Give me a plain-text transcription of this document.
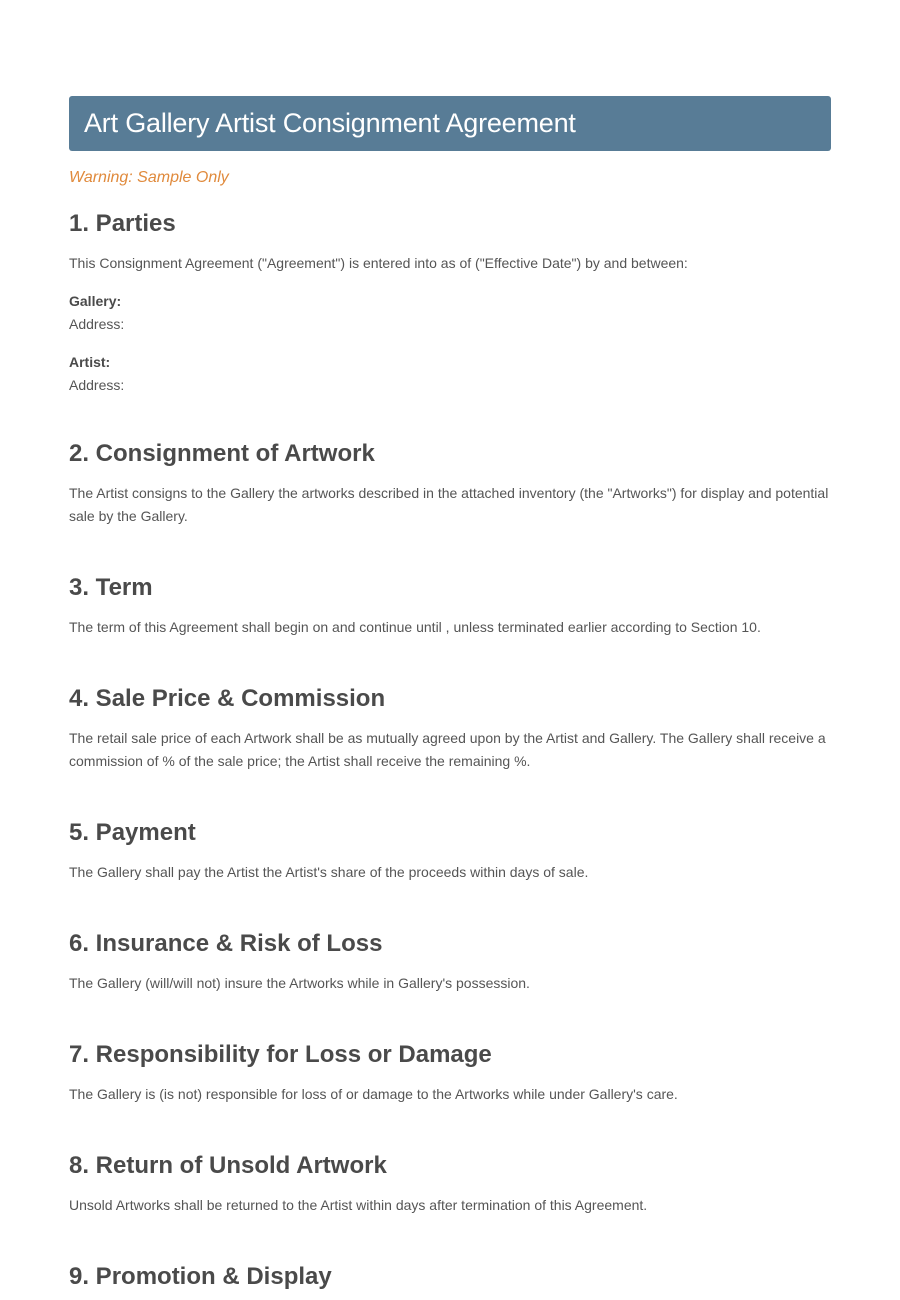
Art Gallery Artist Consignment Agreement
Warning: Sample Only
1. Parties

This Consignment Agreement ("Agreement") is entered into as of ("Effective Date") by and between:

Gallery:
Address:
Artist:
Address:
2. Consignment of Artwork

The Artist consigns to the Gallery the artworks described in the attached inventory (the "Artworks") for display and potential sale by the Gallery.

3. Term

The term of this Agreement shall begin on and continue until , unless terminated earlier according to Section 10.

4. Sale Price & Commission

The retail sale price of each Artwork shall be as mutually agreed upon by the Artist and Gallery. The Gallery shall receive a commission of % of the sale price; the Artist shall receive the remaining %.

5. Payment

The Gallery shall pay the Artist the Artist's share of the proceeds within days of sale.

6. Insurance & Risk of Loss

The Gallery (will/will not) insure the Artworks while in Gallery's possession.

7. Responsibility for Loss or Damage

The Gallery is (is not) responsible for loss of or damage to the Artworks while under Gallery's care.

8. Return of Unsold Artwork

Unsold Artworks shall be returned to the Artist within days after termination of this Agreement.

9. Promotion & Display
